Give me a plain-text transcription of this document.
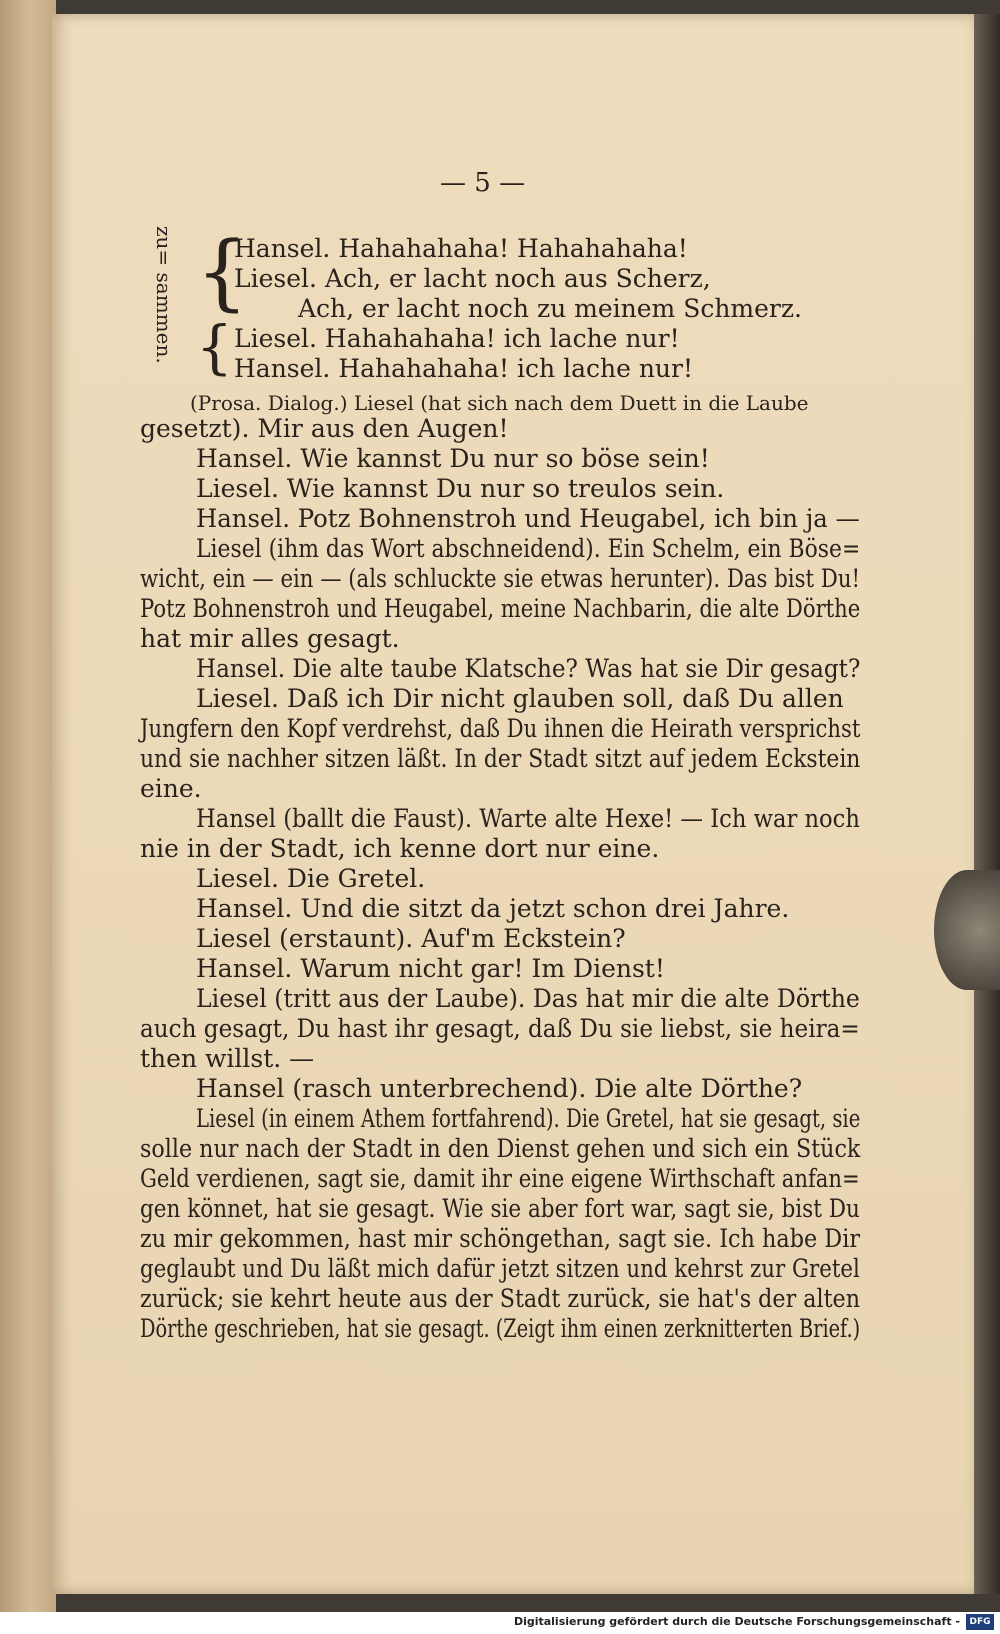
— 5 —
zu= sammen. {
{
Hansel. Hahahahaha! Hahahahaha!
Liesel. Ach, er lacht noch aus Scherz,
Ach, er lacht noch zu meinem Schmerz.
Liesel. Hahahahaha! ich lache nur!
Hansel. Hahahahaha! ich lache nur!
(Prosa. Dialog.) Liesel (hat sich nach dem Duett in die Laube
gesetzt). Mir aus den Augen!
Hansel. Wie kannst Du nur so böse sein!
Liesel. Wie kannst Du nur so treulos sein.
Hansel. Potz Bohnenstroh und Heugabel, ich bin ja —
Liesel (ihm das Wort abschneidend). Ein Schelm, ein Böse=
wicht, ein — ein — (als schluckte sie etwas herunter). Das bist Du!
Potz Bohnenstroh und Heugabel, meine Nachbarin, die alte Dörthe
hat mir alles gesagt.
Hansel. Die alte taube Klatsche? Was hat sie Dir gesagt?
Liesel. Daß ich Dir nicht glauben soll, daß Du allen
Jungfern den Kopf verdrehst, daß Du ihnen die Heirath versprichst
und sie nachher sitzen läßt. In der Stadt sitzt auf jedem Eckstein
eine.
Hansel (ballt die Faust). Warte alte Hexe! — Ich war noch
nie in der Stadt, ich kenne dort nur eine.
Liesel. Die Gretel.
Hansel. Und die sitzt da jetzt schon drei Jahre.
Liesel (erstaunt). Auf'm Eckstein?
Hansel. Warum nicht gar! Im Dienst!
Liesel (tritt aus der Laube). Das hat mir die alte Dörthe
auch gesagt, Du hast ihr gesagt, daß Du sie liebst, sie heira=
then willst. —
Hansel (rasch unterbrechend). Die alte Dörthe?
Liesel (in einem Athem fortfahrend). Die Gretel, hat sie gesagt, sie
solle nur nach der Stadt in den Dienst gehen und sich ein Stück
Geld verdienen, sagt sie, damit ihr eine eigene Wirthschaft anfan=
gen könnet, hat sie gesagt. Wie sie aber fort war, sagt sie, bist Du
zu mir gekommen, hast mir schöngethan, sagt sie. Ich habe Dir
geglaubt und Du läßt mich dafür jetzt sitzen und kehrst zur Gretel
zurück; sie kehrt heute aus der Stadt zurück, sie hat's der alten
Dörthe geschrieben, hat sie gesagt. (Zeigt ihm einen zerknitterten Brief.)
Digitalisierung gefördert durch die Deutsche Forschungsgemeinschaft -	DFG
